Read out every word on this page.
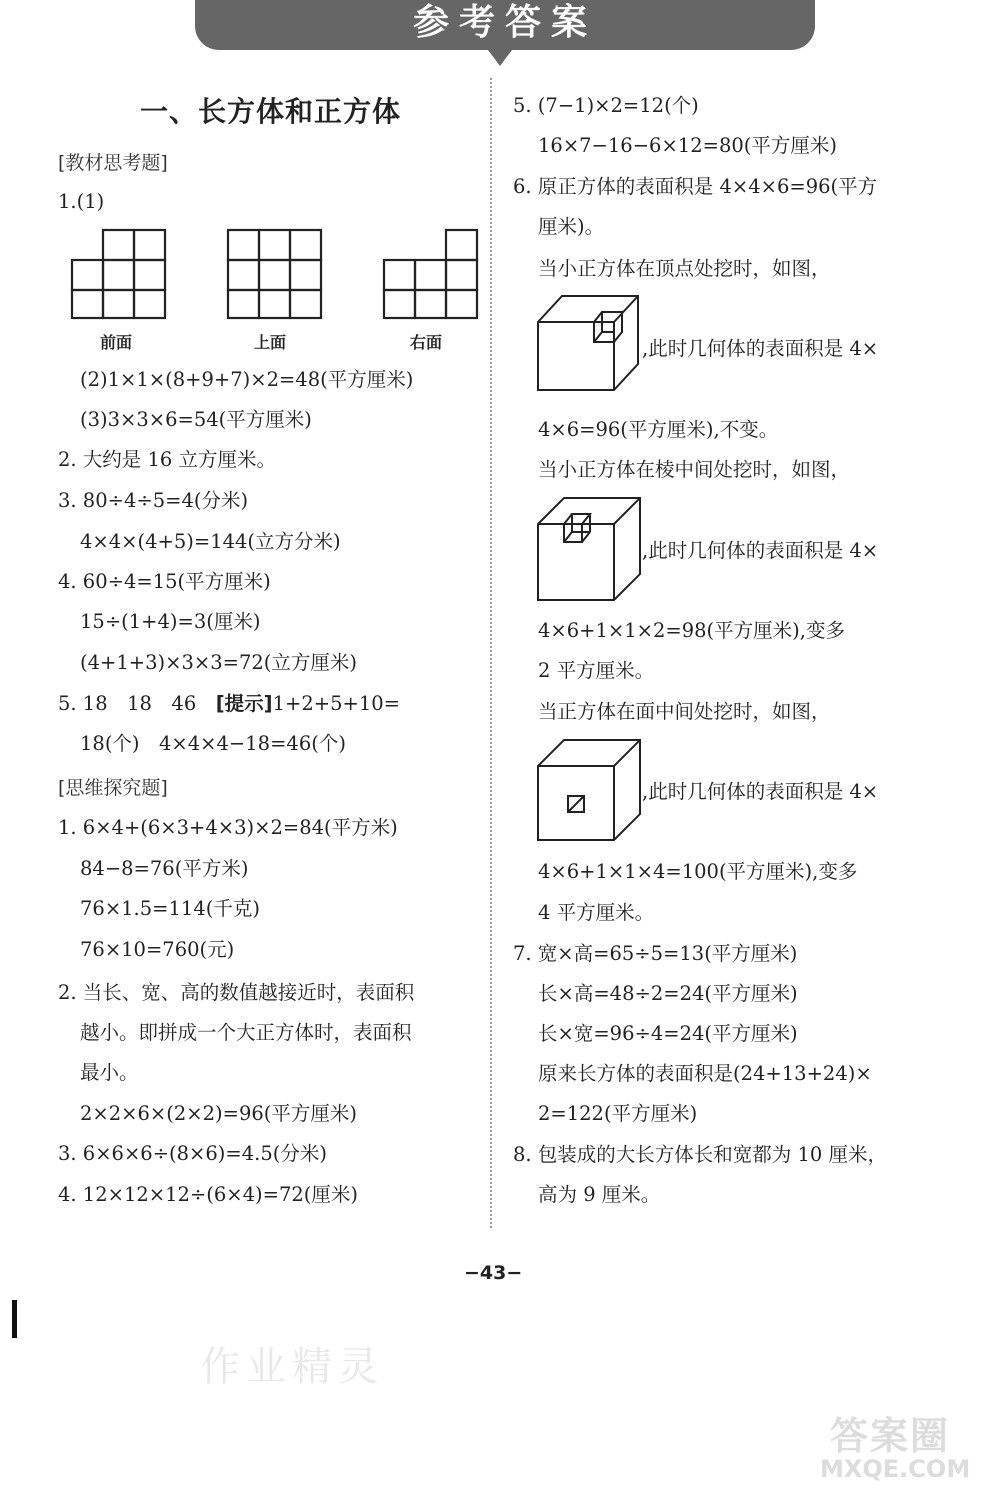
参考答案
一、长方体和正方体
[教材思考题]
1.(1)
前面	上面	右面
(2)1×1×(8+9+7)×2=48(平方厘米)
(3)3×3×6=54(平方厘米)
2. 大约是 16 立方厘米。
3. 80÷4÷5=4(分米)
4×4×(4+5)=144(立方分米)
4. 60÷4=15(平方厘米)
15÷(1+4)=3(厘米)
(4+1+3)×3×3=72(立方厘米)
5. 18　18　46　[提示]1+2+5+10=
18(个)　4×4×4−18=46(个)
[思维探究题]
1. 6×4+(6×3+4×3)×2=84(平方米)
84−8=76(平方米)
76×1.5=114(千克)
76×10=760(元)
2. 当长、宽、高的数值越接近时，表面积
越小。即拼成一个大正方体时，表面积
最小。
2×2×6×(2×2)=96(平方厘米)
3. 6×6×6÷(8×6)=4.5(分米)
4. 12×12×12÷(6×4)=72(厘米)
5. (7−1)×2=12(个)
16×7−16−6×12=80(平方厘米)
6. 原正方体的表面积是 4×4×6=96(平方
厘米)。
当小正方体在顶点处挖时，如图，
,此时几何体的表面积是 4×
4×6=96(平方厘米),不变。
当小正方体在棱中间处挖时，如图，
,此时几何体的表面积是 4×
4×6+1×1×2=98(平方厘米),变多
2 平方厘米。
当正方体在面中间处挖时，如图，
,此时几何体的表面积是 4×
4×6+1×1×4=100(平方厘米),变多
4 平方厘米。
7. 宽×高=65÷5=13(平方厘米)
长×高=48÷2=24(平方厘米)
长×宽=96÷4=24(平方厘米)
原来长方体的表面积是(24+13+24)×
2=122(平方厘米)
8. 包装成的大长方体长和宽都为 10 厘米，
高为 9 厘米。
−43−
作业精灵
答案圈
MXQE.COM
